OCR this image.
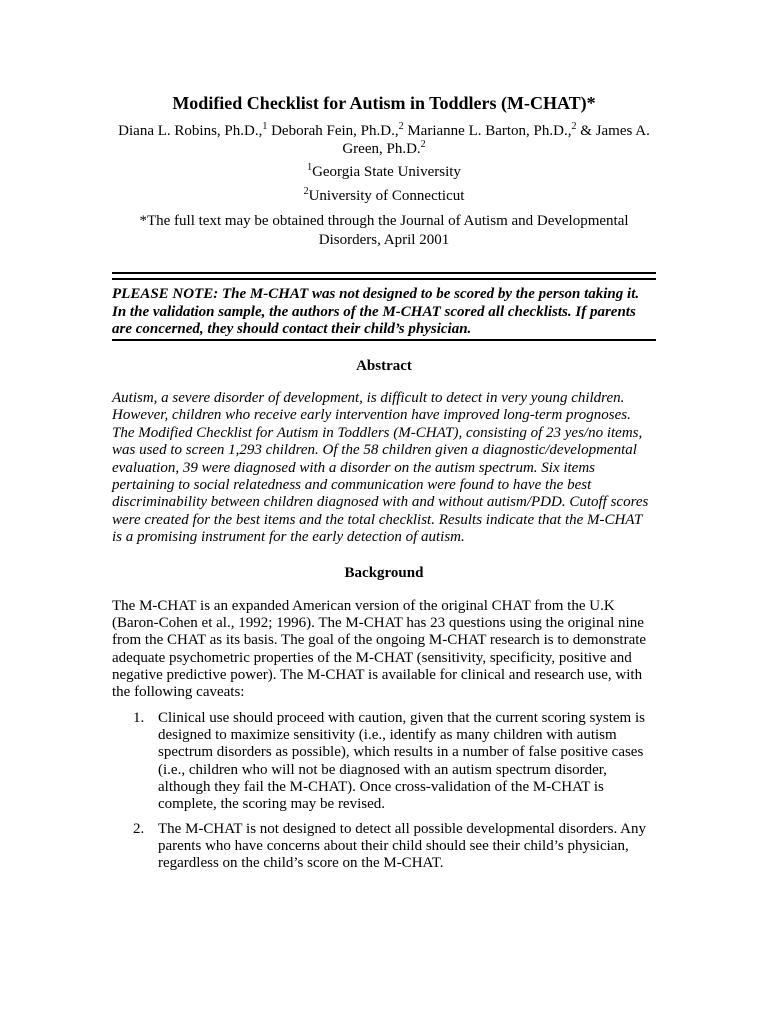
Modified Checklist for Autism in Toddlers (M-CHAT)*
Diana L. Robins, Ph.D.,$^1$ Deborah Fein, Ph.D.,$^2$ Marianne L. Barton, Ph.D.,$^2$ & James A. Green, Ph.D.$^2$
$^1$Georgia State University
$^2$University of Connecticut
*The full text may be obtained through the Journal of Autism and Developmental Disorders, April 2001
PLEASE NOTE: The M-CHAT was not designed to be scored by the person taking it.
In the validation sample, the authors of the M-CHAT scored all checklists. If parents
are concerned, they should contact their child’s physician.
Abstract
Autism, a severe disorder of development, is difficult to detect in very young children.
However, children who receive early intervention have improved long-term prognoses.
The Modified Checklist for Autism in Toddlers (M-CHAT), consisting of 23 yes/no items,
was used to screen 1,293 children. Of the 58 children given a diagnostic/developmental
evaluation, 39 were diagnosed with a disorder on the autism spectrum. Six items
pertaining to social relatedness and communication were found to have the best
discriminability between children diagnosed with and without autism/PDD. Cutoff scores
were created for the best items and the total checklist. Results indicate that the M-CHAT
is a promising instrument for the early detection of autism.
Background
The M-CHAT is an expanded American version of the original CHAT from the U.K
(Baron-Cohen et al., 1992; 1996). The M-CHAT has 23 questions using the original nine
from the CHAT as its basis. The goal of the ongoing M-CHAT research is to demonstrate
adequate psychometric properties of the M-CHAT (sensitivity, specificity, positive and
negative predictive power). The M-CHAT is available for clinical and research use, with
the following caveats:
1. Clinical use should proceed with caution, given that the current scoring system is
designed to maximize sensitivity (i.e., identify as many children with autism
spectrum disorders as possible), which results in a number of false positive cases
(i.e., children who will not be diagnosed with an autism spectrum disorder,
although they fail the M-CHAT). Once cross-validation of the M-CHAT is
complete, the scoring may be revised.
2. The M-CHAT is not designed to detect all possible developmental disorders. Any
parents who have concerns about their child should see their child’s physician,
regardless on the child’s score on the M-CHAT.
